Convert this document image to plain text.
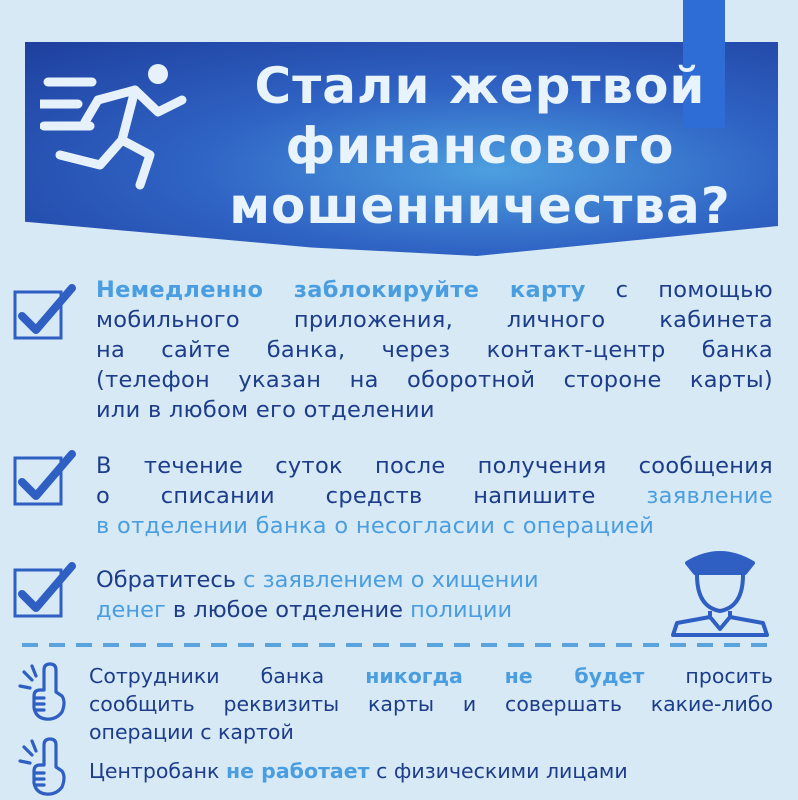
Стали жертвой
финансового
мошенничества?
Немедленно заблокируйте карту с помощью
мобильного приложения, личного кабинета
на сайте банка, через контакт-центр банка
(телефон указан на оборотной стороне карты)
или в любом его отделении
В течение суток после получения сообщения
о списании средств напишите заявление
в отделении банка о несогласии с операцией
Обратитесь с заявлением о хищении
денег в любое отделение полиции
Сотрудники банка никогда не будет просить
сообщить реквизиты карты и совершать какие-либо
операции с картой
Центробанк не работает с физическими лицами
